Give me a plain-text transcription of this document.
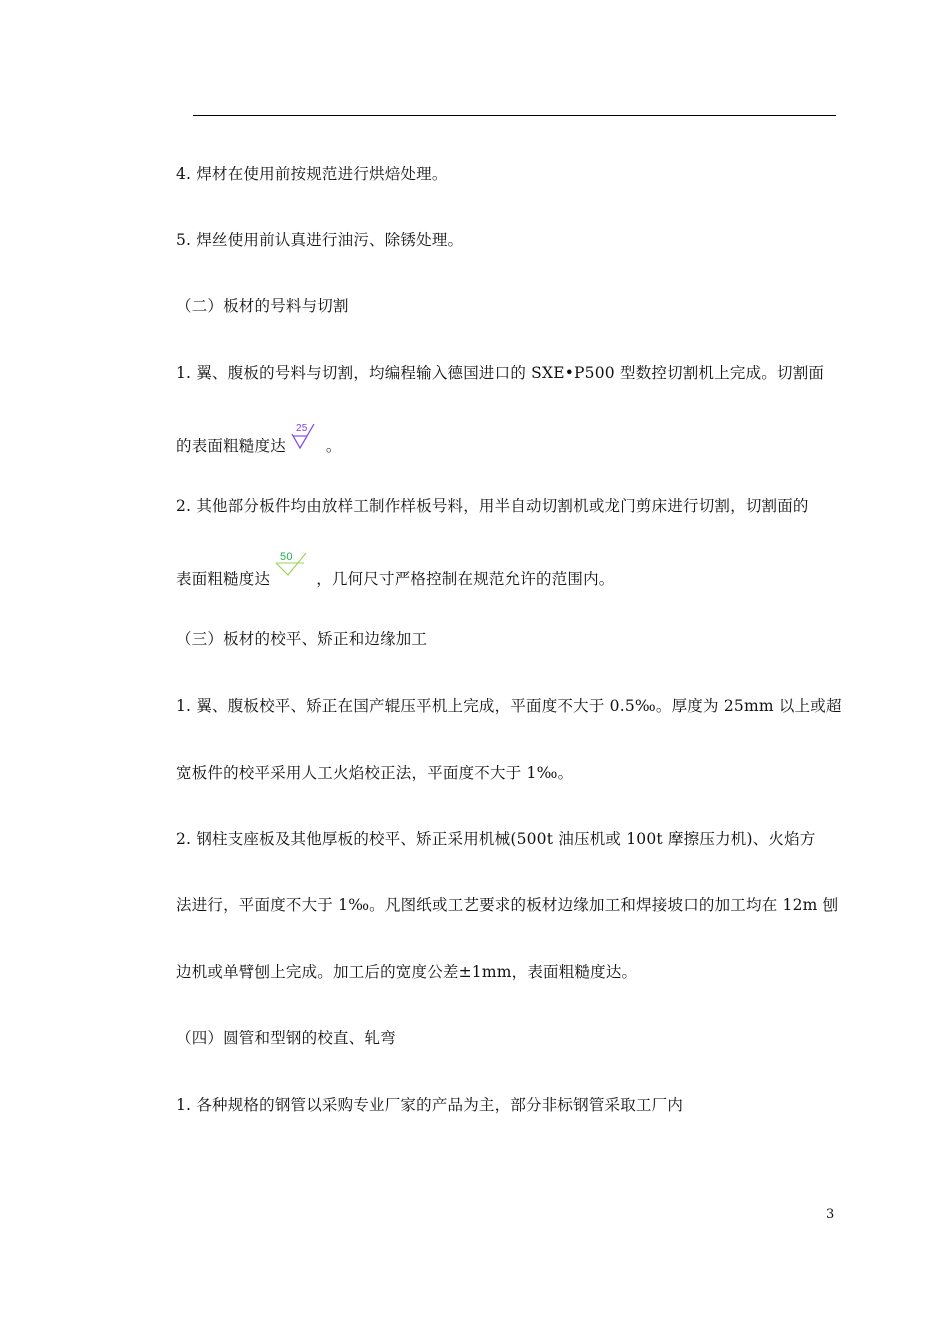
4. 焊材在使用前按规范进行烘焙处理。
5. 焊丝使用前认真进行油污、除锈处理。
（二）板材的号料与切割
1. 翼、腹板的号料与切割，均编程输入德国进口的 SXE•P500 型数控切割机上完成。切割面
的表面粗糙度达
25
。
2. 其他部分板件均由放样工制作样板号料，用半自动切割机或龙门剪床进行切割，切割面的
表面粗糙度达
50
，几何尺寸严格控制在规范允许的范围内。
（三）板材的校平、矫正和边缘加工
1. 翼、腹板校平、矫正在国产辊压平机上完成，平面度不大于 0.5‰。厚度为 25mm 以上或超
宽板件的校平采用人工火焰校正法，平面度不大于 1‰。
2. 钢柱支座板及其他厚板的校平、矫正采用机械(500t 油压机或 100t 摩擦压力机)、火焰方
法进行，平面度不大于 1‰。凡图纸或工艺要求的板材边缘加工和焊接坡口的加工均在 12m 刨
边机或单臂刨上完成。加工后的宽度公差±1mm，表面粗糙度达。
（四）圆管和型钢的校直、轧弯
1. 各种规格的钢管以采购专业厂家的产品为主，部分非标钢管采取工厂内
3
